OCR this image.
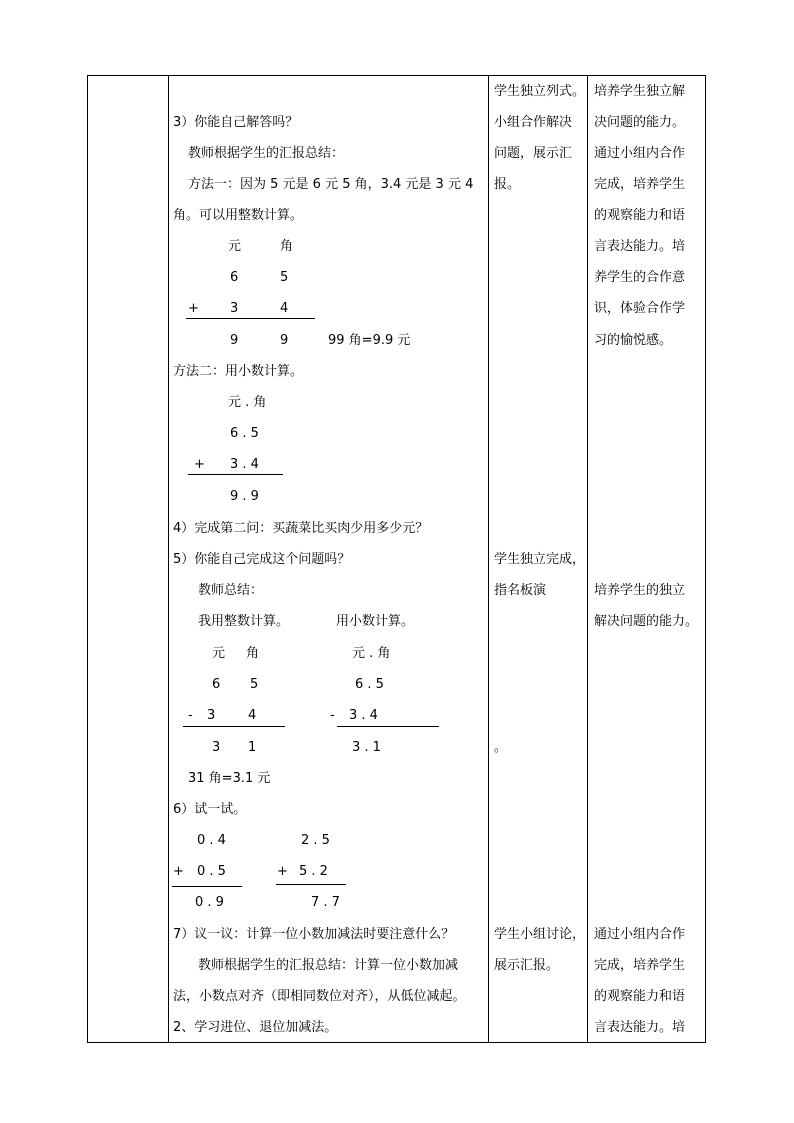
3）你能自己解答吗？
教师根据学生的汇报总结：
方法一：因为 5 元是 6 元 5 角，3.4 元是 3 元 4
角。可以用整数计算。
元	角
6	5
+ 3	4
9	9	99 角=9.9 元
方法二：用小数计算。
元 . 角
6 . 5
+ 3 . 4
9 . 9
4）完成第二问：买蔬菜比买肉少用多少元？
5）你能自己完成这个问题吗？
教师总结：
我用整数计算。	用小数计算。
元 角
6 5
- 3	4
3 1
31 角=3.1 元
元 . 角
6 . 5
- 3 . 4
3 . 1
6）试一试。
0 . 4
+ 0 . 5
0 . 9
2 . 5
+ 5 . 2
7 . 7
7）议一议：计算一位小数加减法时要注意什么？
教师根据学生的汇报总结：计算一位小数加减
法，小数点对齐（即相同数位对齐），从低位减起。
2、学习进位、退位加减法。
学生独立列式。
小组合作解决
问题，展示汇
报。
学生独立完成，
指名板演
。
学生小组讨论，
展示汇报。
培养学生独立解
决问题的能力。
通过小组内合作
完成，培养学生
的观察能力和语
言表达能力。培
养学生的合作意
识，体验合作学
习的愉悦感。
培养学生的独立
解决问题的能力。
通过小组内合作
完成，培养学生
的观察能力和语
言表达能力。培
